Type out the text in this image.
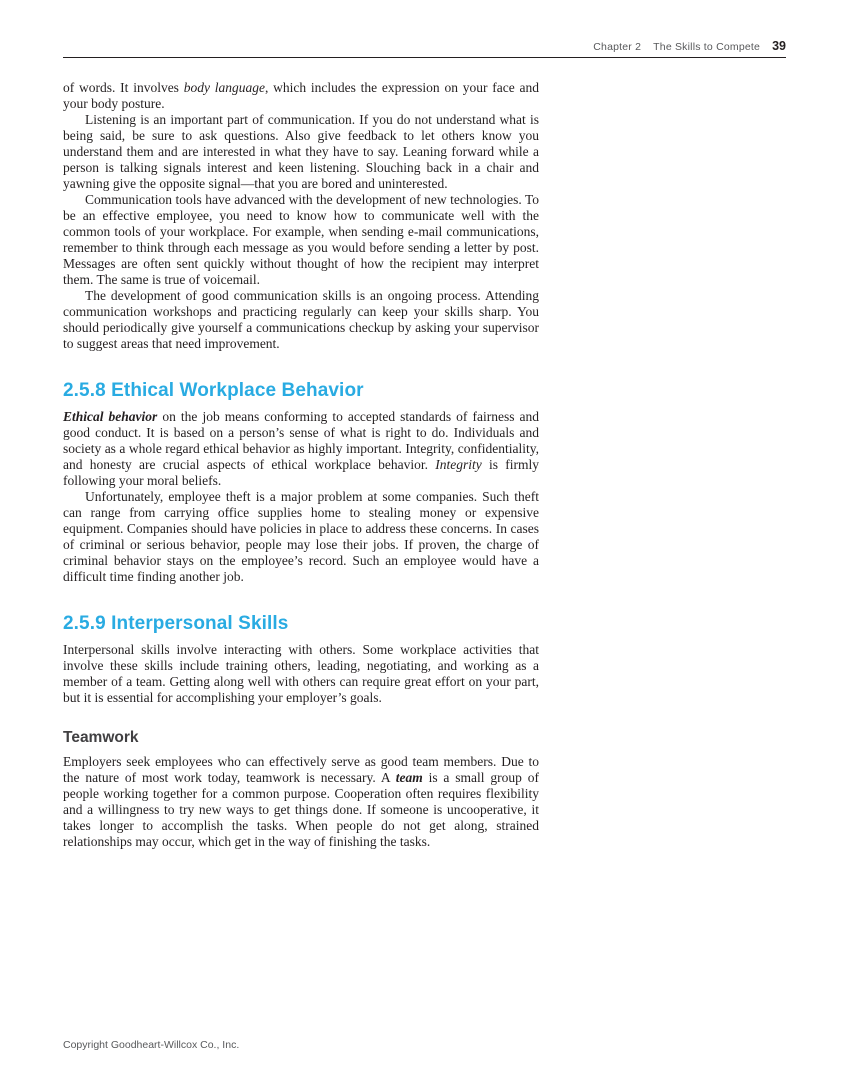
Chapter 2 The Skills to Compete 39

of words. It involves body language, which includes the expression on your face and your body posture.

Listening is an important part of communication. If you do not understand what is being said, be sure to ask questions. Also give feedback to let others know you understand them and are interested in what they have to say. Leaning forward while a person is talking signals interest and keen listening. Slouching back in a chair and yawning give the opposite signal—that you are bored and uninterested.

Communication tools have advanced with the development of new technologies. To be an effective employee, you need to know how to communicate well with the common tools of your workplace. For example, when sending e-mail communications, remember to think through each message as you would before sending a letter by post. Messages are often sent quickly without thought of how the recipient may interpret them. The same is true of voicemail.

The development of good communication skills is an ongoing process. Attending communication workshops and practicing regularly can keep your skills sharp. You should periodically give yourself a communications checkup by asking your supervisor to suggest areas that need improvement.

2.5.8 Ethical Workplace Behavior

Ethical behavior on the job means conforming to accepted standards of fairness and good conduct. It is based on a person’s sense of what is right to do. Individuals and society as a whole regard ethical behavior as highly important. Integrity, confidentiality, and honesty are crucial aspects of ethical workplace behavior. Integrity is firmly following your moral beliefs.

Unfortunately, employee theft is a major problem at some companies. Such theft can range from carrying office supplies home to stealing money or expensive equipment. Companies should have policies in place to address these concerns. In cases of criminal or serious behavior, people may lose their jobs. If proven, the charge of criminal behavior stays on the employee’s record. Such an employee would have a difficult time finding another job.

2.5.9 Interpersonal Skills

Interpersonal skills involve interacting with others. Some workplace activities that involve these skills include training others, leading, negotiating, and working as a member of a team. Getting along well with others can require great effort on your part, but it is essential for accomplishing your employer’s goals.

Teamwork

Employers seek employees who can effectively serve as good team members. Due to the nature of most work today, teamwork is necessary. A team is a small group of people working together for a common purpose. Cooperation often requires flexibility and a willingness to try new ways to get things done. If someone is uncooperative, it takes longer to accomplish the tasks. When people do not get along, strained relationships may occur, which get in the way of finishing the tasks.

Copyright Goodheart-Willcox Co., Inc.
